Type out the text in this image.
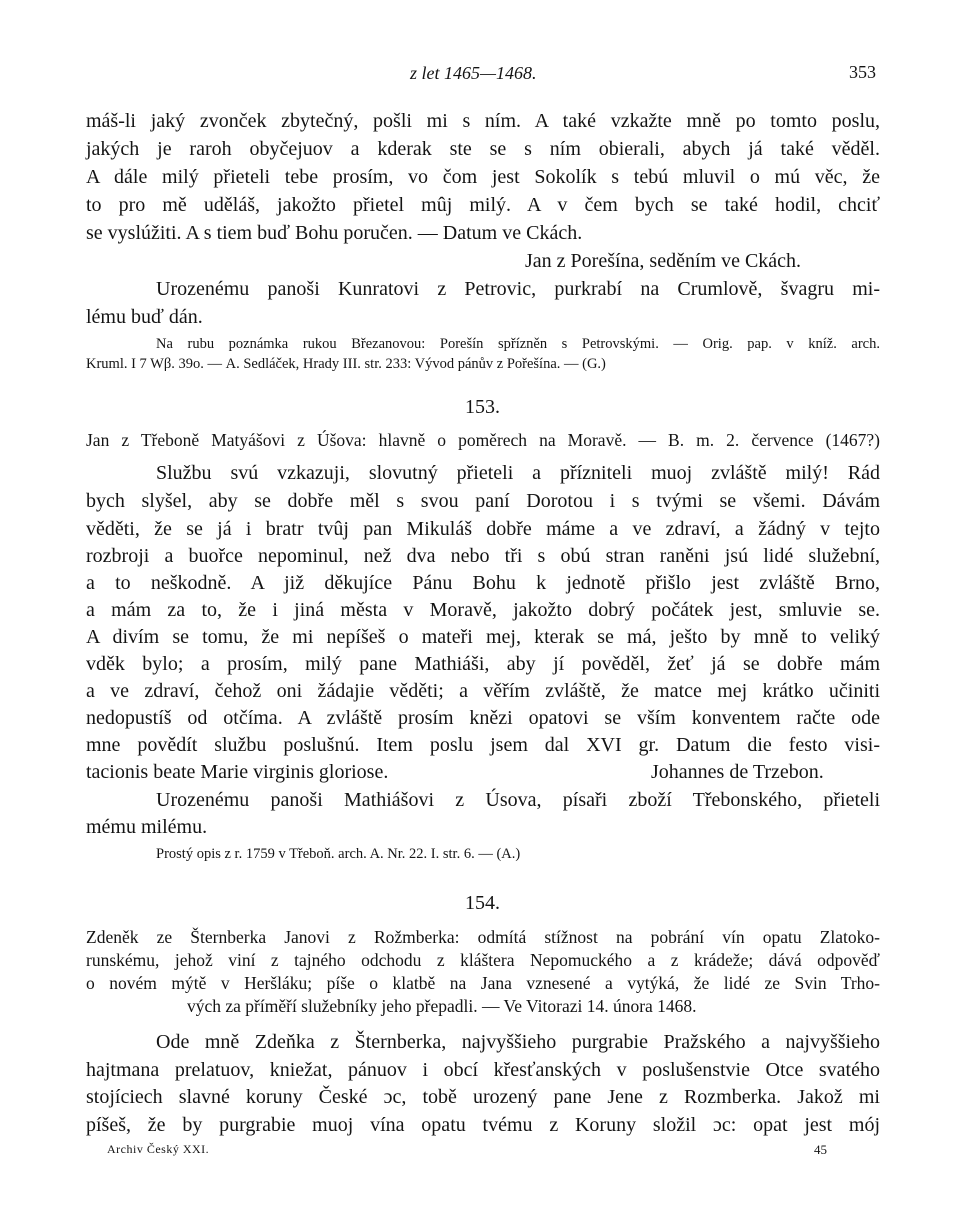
z let 1465—1468.	353
máš-li jaký zvonček zbytečný, pošli mi s ním. A také vzkažte mně po tomto poslu,
jakých je raroh obyčejuov a kderak ste se s ním obierali, abych já také věděl.
A dále milý přieteli tebe prosím, vo čom jest Sokolík s tebú mluvil o mú věc, že
to pro mě uděláš, jakožto přietel mûj milý. A v čem bych se také hodil, chciť
se vyslúžiti. A s tiem buď Bohu poručen. — Datum ve Ckách.
Jan z Porešína, seděním ve Ckách.
Urozenému panoši Kunratovi z Petrovic, purkrabí na Crumlově, švagru mi-
lému buď dán.
Na rubu poznámka rukou Březanovou: Porešín spřízněn s Petrovskými. — Orig. pap. v kníž. arch.
Kruml. I 7 Wβ. 39ο. — A. Sedláček, Hrady III. str. 233: Vývod pánův z Pořešína. — (G.)
153.
Jan z Třeboně Matyášovi z Úšova: hlavně o poměrech na Moravě. — B. m. 2. července (1467?)
Službu svú vzkazuji, slovutný přieteli a přízniteli muoj zvláště milý! Rád
bych slyšel, aby se dobře měl s svou paní Dorotou i s tvými se všemi. Dávám
věděti, že se já i bratr tvûj pan Mikuláš dobře máme a ve zdraví, a žádný v tejto
rozbroji a buořce nepominul, než dva nebo tři s obú stran raněni jsú lidé služební,
a to neškodně. A již děkujíce Pánu Bohu k jednotě přišlo jest zvláště Brno,
a mám za to, že i jiná města v Moravě, jakožto dobrý počátek jest, smluvie se.
A divím se tomu, že mi nepíšeš o mateři mej, kterak se má, ješto by mně to veliký
vděk bylo; a prosím, milý pane Mathiáši, aby jí pověděl, žeť já se dobře mám
a ve zdraví, čehož oni žádajie věděti; a věřím zvláště, že matce mej krátko učiniti
nedopustíš od otčíma. A zvláště prosím knězi opatovi se vším konventem račte ode
mne povědít službu poslušnú. Item poslu jsem dal XVI gr. Datum die festo visi-
tacionis beate Marie virginis gloriose.	Johannes de Trzebon.
Urozenému panoši Mathiášovi z Úsova, písaři zboží Třebonského, přieteli
mému milému.
Prostý opis z r. 1759 v Třeboň. arch. A. Nr. 22. I. str. 6. — (A.)
154.
Zdeněk ze Šternberka Janovi z Rožmberka: odmítá stížnost na pobrání vín opatu Zlatoko-
runskému, jehož viní z tajného odchodu z kláštera Nepomuckého a z krádeže; dává odpověď
o novém mýtě v Heršláku; píše o klatbě na Jana vznesené a vytýká, že lidé ze Svin Trho-
vých za příměří služebníky jeho přepadli. — Ve Vitorazi 14. února 1468.
Ode mně Zdeňka z Šternberka, najvyššieho purgrabie Pražského a najvyššieho
hajtmana prelatuov, kniežat, pánuov i obcí křesťanských v poslušenstvie Otce svatého
stojíciech slavné koruny České ɔc, tobě urozený pane Jene z Rozmberka. Jakož mi
píšeš, že by purgrabie muoj vína opatu tvému z Koruny složil ɔc: opat jest mój
Archiv Český XXI.	45
